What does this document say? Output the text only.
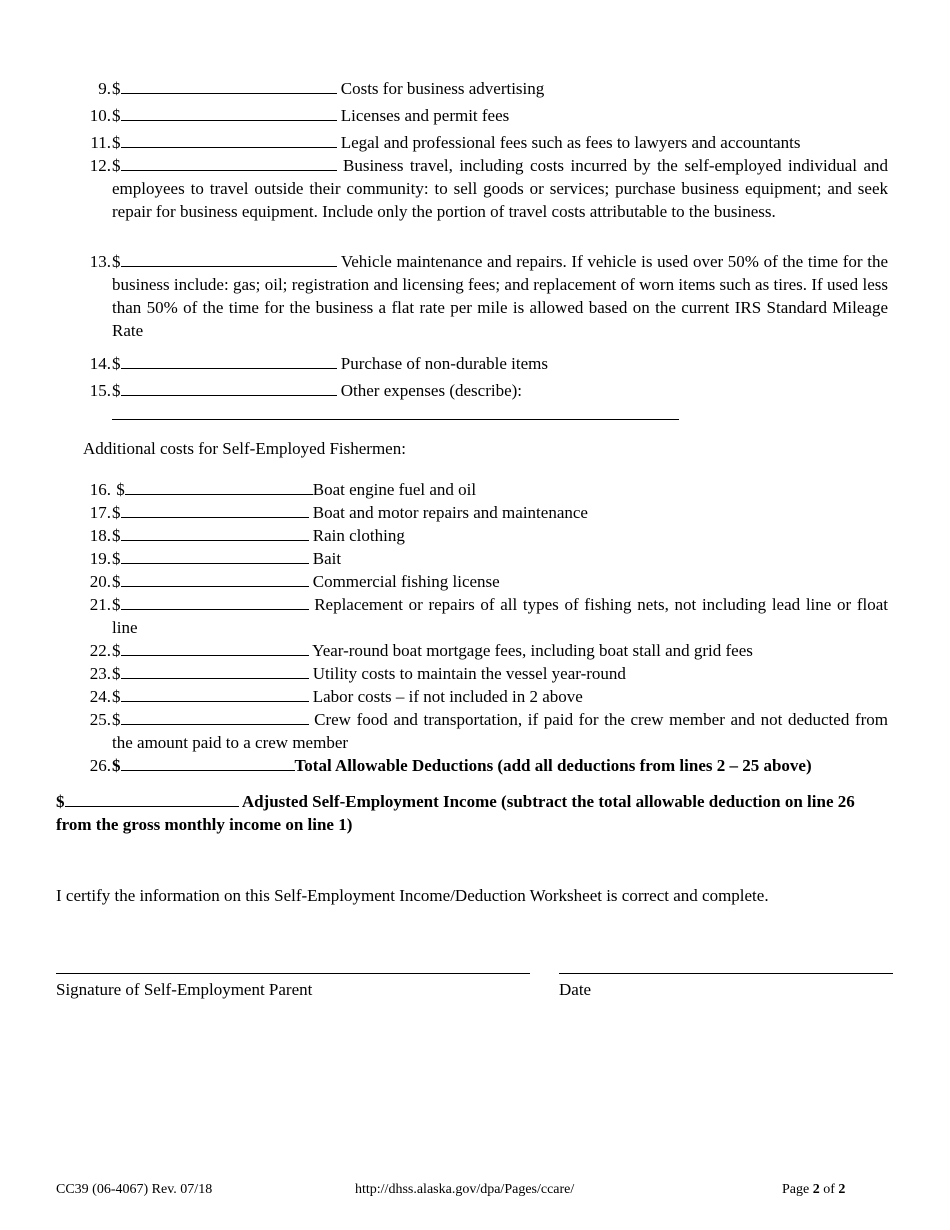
9. $	Costs for business advertising
10. $	Licenses and permit fees
11. $	Legal and professional fees such as fees to lawyers and accountants
12. $	Business travel, including costs incurred by the self-employed individual and employees to travel outside their community: to sell goods or services; purchase business equipment; and seek repair for business equipment. Include only the portion of travel costs attributable to the business.
13. $	Vehicle maintenance and repairs. If vehicle is used over 50% of the time for the business include: gas; oil; registration and licensing fees; and replacement of worn items such as tires. If used less than 50% of the time for the business a flat rate per mile is allowed based on the current IRS Standard Mileage Rate
14. $	Purchase of non-durable items
15. $	Other expenses (describe):
Additional costs for Self-Employed Fishermen:
16. $	Boat engine fuel and oil
17. $	Boat and motor repairs and maintenance
18. $	Rain clothing
19. $	Bait
20. $	Commercial fishing license
21. $	Replacement or repairs of all types of fishing nets, not including lead line or float line
22. $	Year-round boat mortgage fees, including boat stall and grid fees
23. $	Utility costs to maintain the vessel year-round
24. $	Labor costs – if not included in 2 above
25. $	Crew food and transportation, if paid for the crew member and not deducted from the amount paid to a crew member
26. $	Total Allowable Deductions (add all deductions from lines 2 – 25 above)
$	Adjusted Self-Employment Income (subtract the total allowable deduction on line 26 from the gross monthly income on line 1)
I certify the information on this Self-Employment Income/Deduction Worksheet is correct and complete.
Signature of Self-Employment Parent	Date
CC39 (06-4067) Rev. 07/18	http://dhss.alaska.gov/dpa/Pages/ccare/	Page 2 of 2
